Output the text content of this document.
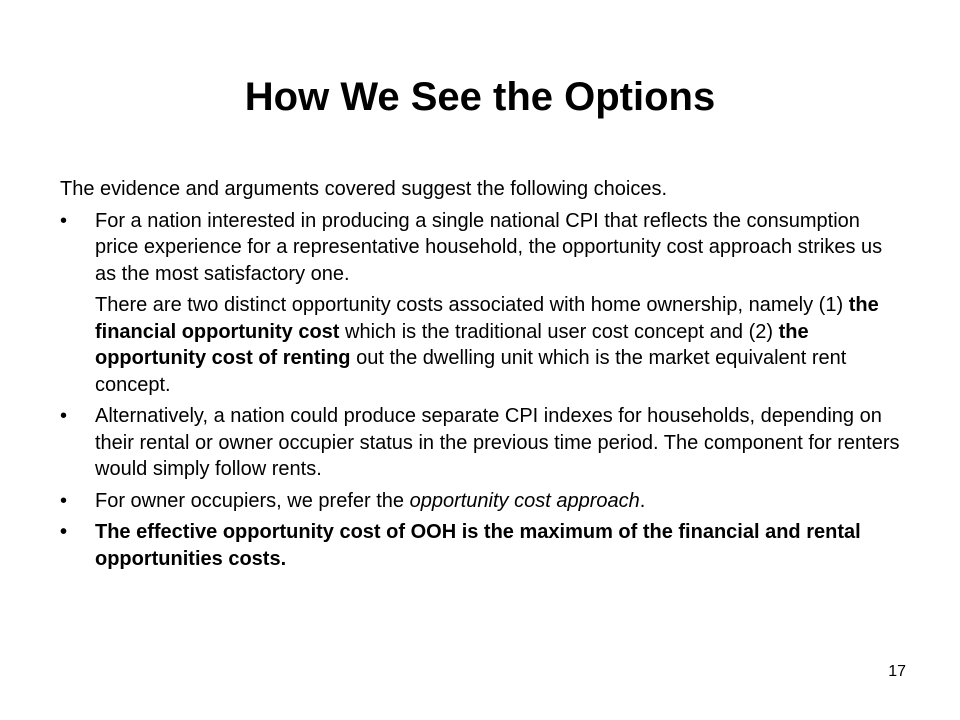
How We See the Options

The evidence and arguments covered suggest the following choices.

•	For a nation interested in producing a single national CPI that reflects the consumption price experience for a representative household, the opportunity cost approach strikes us as the most satisfactory one.
There are two distinct opportunity costs associated with home ownership, namely (1) the financial opportunity cost which is the traditional user cost concept and (2) the opportunity cost of renting out the dwelling unit which is the market equivalent rent concept.
•	Alternatively, a nation could produce separate CPI indexes for households, depending on their rental or owner occupier status in the previous time period. The component for renters would simply follow rents.
•	For owner occupiers, we prefer the opportunity cost approach.
•	The effective opportunity cost of OOH is the maximum of the financial and rental opportunities costs.
17
